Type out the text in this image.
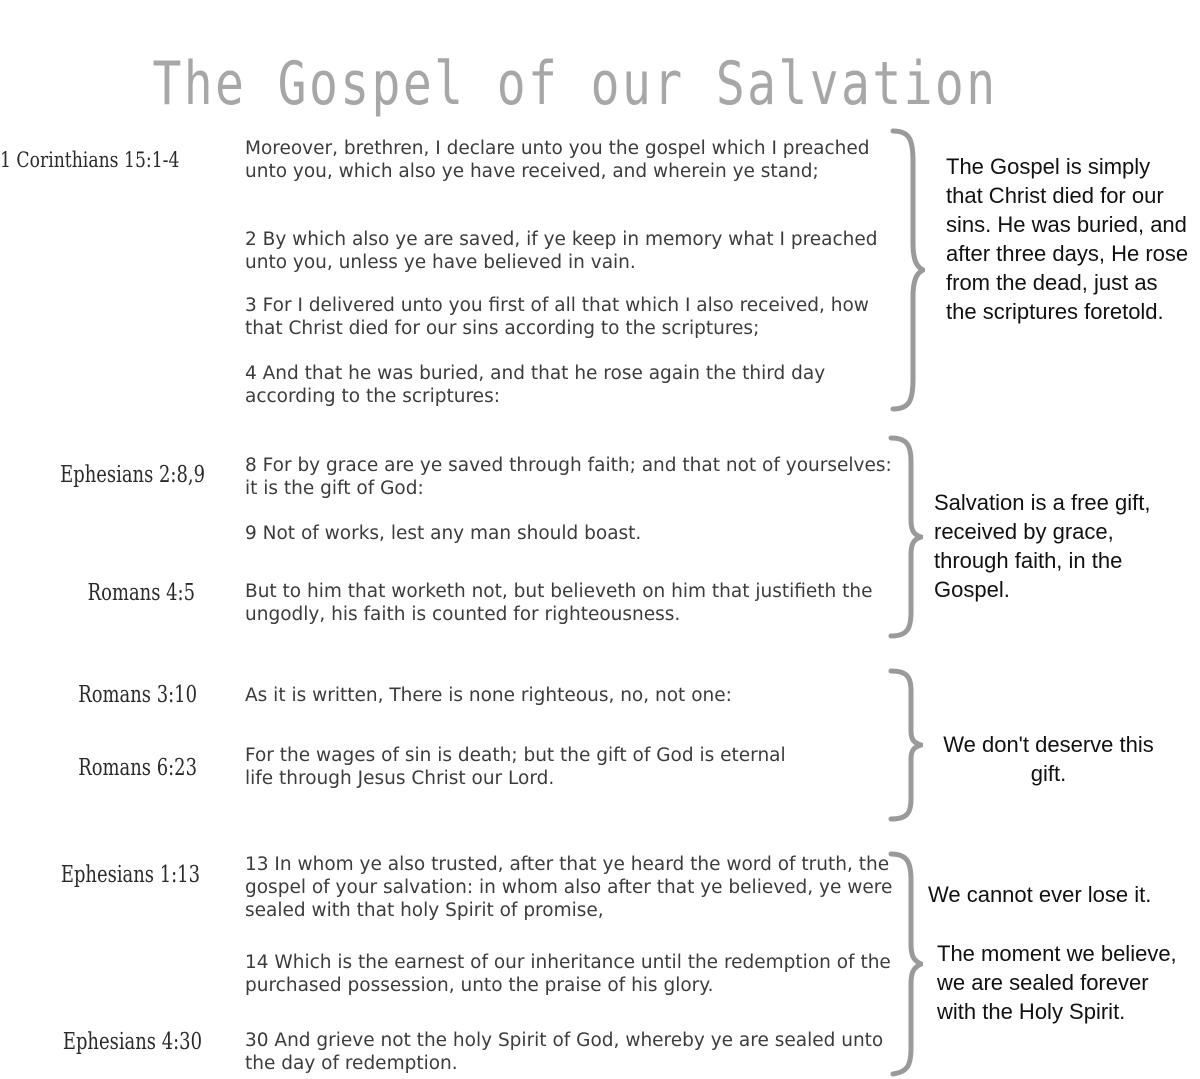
The Gospel of our Salvation
1 Corinthians 15:1-4	Moreover, brethren, I declare unto you the gospel which I preached unto you, which also ye have received, and wherein ye stand;

2 By which also ye are saved, if ye keep in memory what I preached unto you, unless ye have believed in vain.

3 For I delivered unto you first of all that which I also received, how that Christ died for our sins according to the scriptures;

4 And that he was buried, and that he rose again the third day according to the scriptures:

The Gospel is simply that Christ died for our sins. He was buried, and after three days, He rose from the dead, just as the scriptures foretold.

Ephesians 2:8,9
Romans 4:5

8 For by grace are ye saved through faith; and that not of yourselves: it is the gift of God:

9 Not of works, lest any man should boast.

But to him that worketh not, but believeth on him that justifieth the ungodly, his faith is counted for righteousness.

Salvation is a free gift, received by grace, through faith, in the Gospel.

Romans 3:10
Romans 6:23

As it is written, There is none righteous, no, not one:

For the wages of sin is death; but the gift of God is eternal life through Jesus Christ our Lord.

We don't deserve this gift.

Ephesians 1:13
Ephesians 4:30

13 In whom ye also trusted, after that ye heard the word of truth, the gospel of your salvation: in whom also after that ye believed, ye were sealed with that holy Spirit of promise,

14 Which is the earnest of our inheritance until the redemption of the purchased possession, unto the praise of his glory.

30 And grieve not the holy Spirit of God, whereby ye are sealed unto the day of redemption.

We cannot ever lose it.

The moment we believe, we are sealed forever with the Holy Spirit.
